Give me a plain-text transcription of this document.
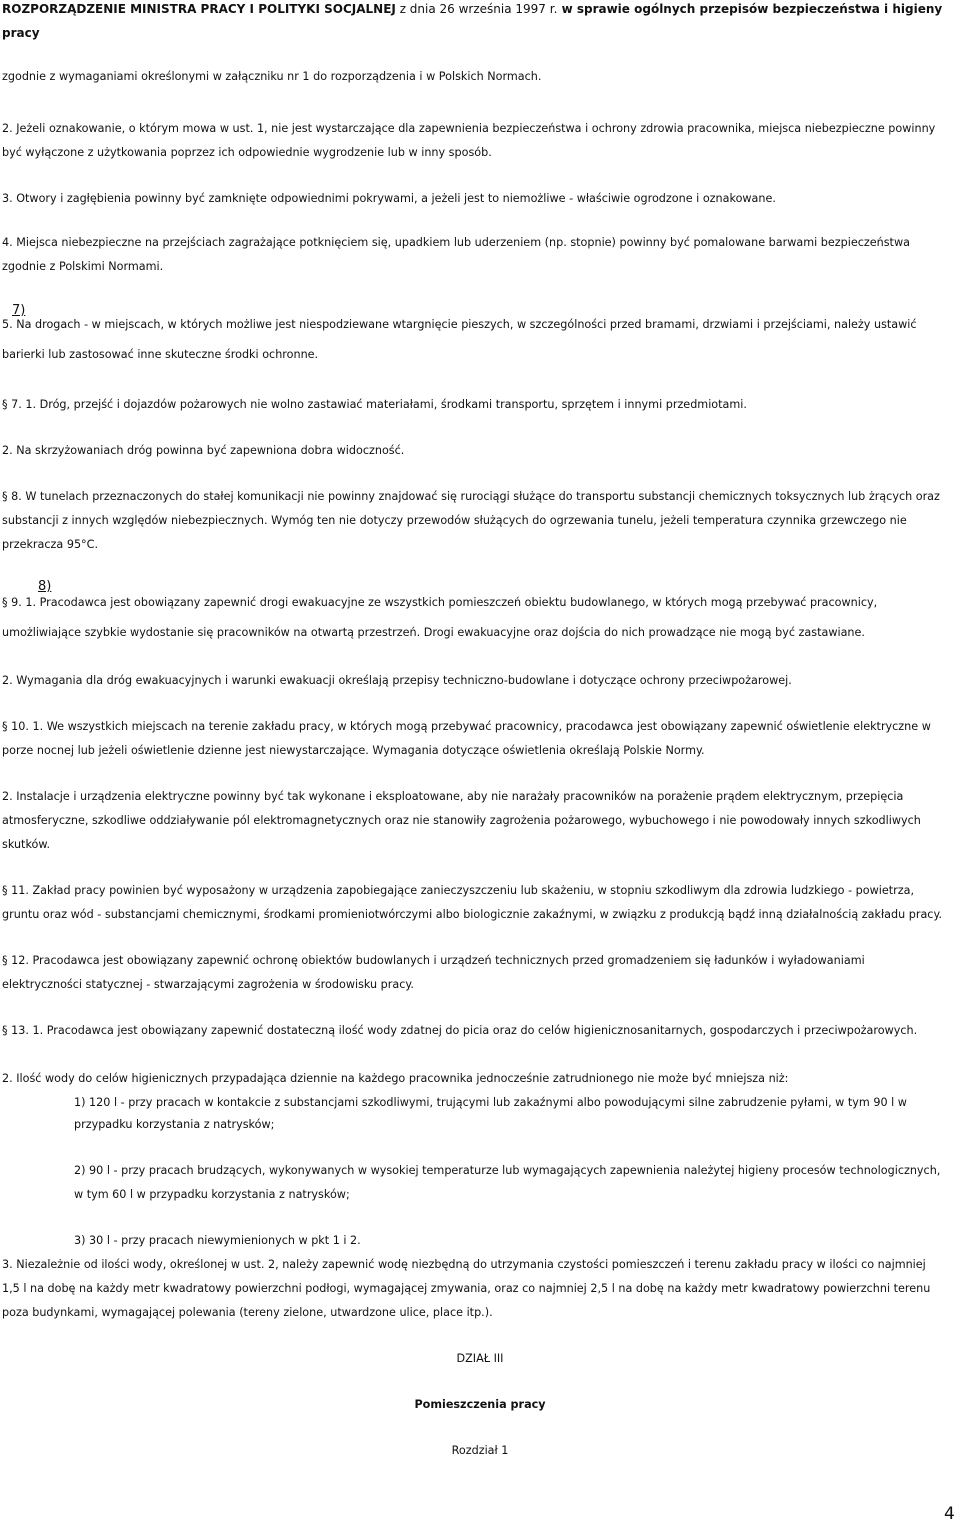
ROZPORZĄDZENIE MINISTRA PRACY I POLITYKI SOCJALNEJ z dnia 26 września 1997 r. w sprawie ogólnych przepisów bezpieczeństwa i higieny
pracy
zgodnie z wymaganiami określonymi w załączniku nr 1 do rozporządzenia i w Polskich Normach.
2. Jeżeli oznakowanie, o którym mowa w ust. 1, nie jest wystarczające dla zapewnienia bezpieczeństwa i ochrony zdrowia pracownika, miejsca niebezpieczne powinny
być wyłączone z użytkowania poprzez ich odpowiednie wygrodzenie lub w inny sposób.
3. Otwory i zagłębienia powinny być zamknięte odpowiednimi pokrywami, a jeżeli jest to niemożliwe - właściwie ogrodzone i oznakowane.
4. Miejsca niebezpieczne na przejściach zagrażające potknięciem się, upadkiem lub uderzeniem (np. stopnie) powinny być pomalowane barwami bezpieczeństwa
zgodnie z Polskimi Normami.
7)
5. Na drogach - w miejscach, w których możliwe jest niespodziewane wtargnięcie pieszych, w szczególności przed bramami, drzwiami i przejściami, należy ustawić
barierki lub zastosować inne skuteczne środki ochronne.
§ 7. 1. Dróg, przejść i dojazdów pożarowych nie wolno zastawiać materiałami, środkami transportu, sprzętem i innymi przedmiotami.
2. Na skrzyżowaniach dróg powinna być zapewniona dobra widoczność.
§ 8. W tunelach przeznaczonych do stałej komunikacji nie powinny znajdować się rurociągi służące do transportu substancji chemicznych toksycznych lub żrących oraz
substancji z innych względów niebezpiecznych. Wymóg ten nie dotyczy przewodów służących do ogrzewania tunelu, jeżeli temperatura czynnika grzewczego nie
przekracza 95°C.
8)
§ 9. 1. Pracodawca jest obowiązany zapewnić drogi ewakuacyjne ze wszystkich pomieszczeń obiektu budowlanego, w których mogą przebywać pracownicy,
umożliwiające szybkie wydostanie się pracowników na otwartą przestrzeń. Drogi ewakuacyjne oraz dojścia do nich prowadzące nie mogą być zastawiane.
2. Wymagania dla dróg ewakuacyjnych i warunki ewakuacji określają przepisy techniczno-budowlane i dotyczące ochrony przeciwpożarowej.
§ 10. 1. We wszystkich miejscach na terenie zakładu pracy, w których mogą przebywać pracownicy, pracodawca jest obowiązany zapewnić oświetlenie elektryczne w
porze nocnej lub jeżeli oświetlenie dzienne jest niewystarczające. Wymagania dotyczące oświetlenia określają Polskie Normy.
2. Instalacje i urządzenia elektryczne powinny być tak wykonane i eksploatowane, aby nie narażały pracowników na porażenie prądem elektrycznym, przepięcia
atmosferyczne, szkodliwe oddziaływanie pól elektromagnetycznych oraz nie stanowiły zagrożenia pożarowego, wybuchowego i nie powodowały innych szkodliwych
skutków.
§ 11. Zakład pracy powinien być wyposażony w urządzenia zapobiegające zanieczyszczeniu lub skażeniu, w stopniu szkodliwym dla zdrowia ludzkiego - powietrza,
gruntu oraz wód - substancjami chemicznymi, środkami promieniotwórczymi albo biologicznie zakaźnymi, w związku z produkcją bądź inną działalnością zakładu pracy.
§ 12. Pracodawca jest obowiązany zapewnić ochronę obiektów budowlanych i urządzeń technicznych przed gromadzeniem się ładunków i wyładowaniami
elektryczności statycznej - stwarzającymi zagrożenia w środowisku pracy.
§ 13. 1. Pracodawca jest obowiązany zapewnić dostateczną ilość wody zdatnej do picia oraz do celów higienicznosanitarnych, gospodarczych i przeciwpożarowych.
2. Ilość wody do celów higienicznych przypadająca dziennie na każdego pracownika jednocześnie zatrudnionego nie może być mniejsza niż:
1) 120 l - przy pracach w kontakcie z substancjami szkodliwymi, trującymi lub zakaźnymi albo powodującymi silne zabrudzenie pyłami, w tym 90 l w
przypadku korzystania z natrysków;
2) 90 l - przy pracach brudzących, wykonywanych w wysokiej temperaturze lub wymagających zapewnienia należytej higieny procesów technologicznych,
w tym 60 l w przypadku korzystania z natrysków;
3) 30 l - przy pracach niewymienionych w pkt 1 i 2.
3. Niezależnie od ilości wody, określonej w ust. 2, należy zapewnić wodę niezbędną do utrzymania czystości pomieszczeń i terenu zakładu pracy w ilości co najmniej
1,5 l na dobę na każdy metr kwadratowy powierzchni podłogi, wymagającej zmywania, oraz co najmniej 2,5 l na dobę na każdy metr kwadratowy powierzchni terenu
poza budynkami, wymagającej polewania (tereny zielone, utwardzone ulice, place itp.).
DZIAŁ III
Pomieszczenia pracy
Rozdział 1
4
